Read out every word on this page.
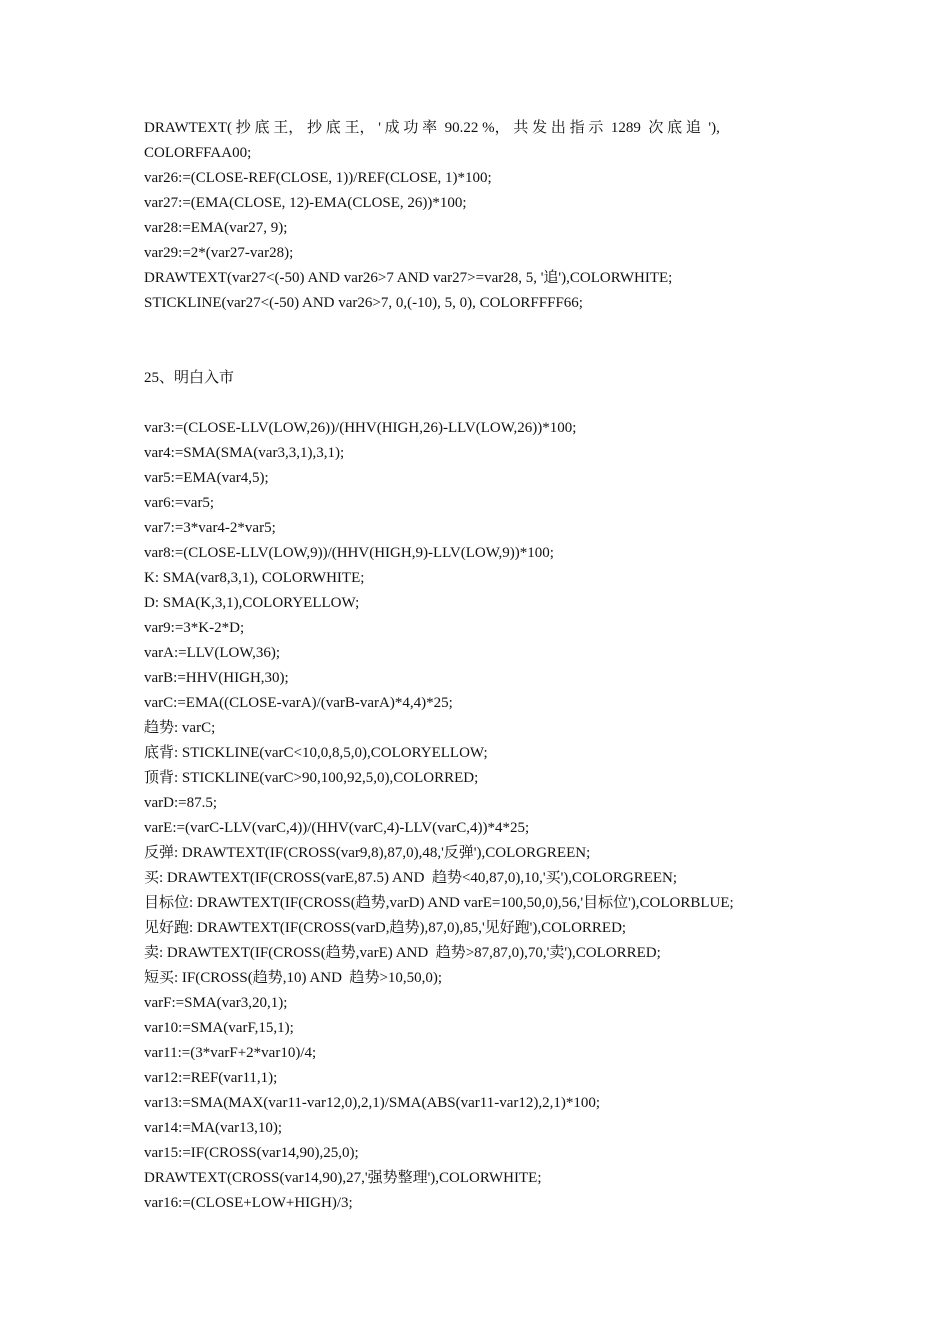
DRAWTEXT( 抄 底 王， 抄 底 王， ' 成 功 率  90.22 %， 共 发 出 指 示  1289  次 底 追  '),
COLORFFAA00;
var26:=(CLOSE-REF(CLOSE, 1))/REF(CLOSE, 1)*100;
var27:=(EMA(CLOSE, 12)-EMA(CLOSE, 26))*100;
var28:=EMA(var27, 9);
var29:=2*(var27-var28);
DRAWTEXT(var27<(-50) AND var26>7 AND var27>=var28, 5, '追'),COLORWHITE;
STICKLINE(var27<(-50) AND var26>7, 0,(-10), 5, 0), COLORFFFF66;
25、明白入市
var3:=(CLOSE-LLV(LOW,26))/(HHV(HIGH,26)-LLV(LOW,26))*100;
var4:=SMA(SMA(var3,3,1),3,1);
var5:=EMA(var4,5);
var6:=var5;
var7:=3*var4-2*var5;
var8:=(CLOSE-LLV(LOW,9))/(HHV(HIGH,9)-LLV(LOW,9))*100;
K: SMA(var8,3,1), COLORWHITE;
D: SMA(K,3,1),COLORYELLOW;
var9:=3*K-2*D;
varA:=LLV(LOW,36);
varB:=HHV(HIGH,30);
varC:=EMA((CLOSE-varA)/(varB-varA)*4,4)*25;
趋势: varC;
底背: STICKLINE(varC<10,0,8,5,0),COLORYELLOW;
顶背: STICKLINE(varC>90,100,92,5,0),COLORRED;
varD:=87.5;
varE:=(varC-LLV(varC,4))/(HHV(varC,4)-LLV(varC,4))*4*25;
反弹: DRAWTEXT(IF(CROSS(var9,8),87,0),48,'反弹'),COLORGREEN;
买: DRAWTEXT(IF(CROSS(varE,87.5) AND  趋势<40,87,0),10,'买'),COLORGREEN;
目标位: DRAWTEXT(IF(CROSS(趋势,varD) AND varE=100,50,0),56,'目标位'),COLORBLUE;
见好跑: DRAWTEXT(IF(CROSS(varD,趋势),87,0),85,'见好跑'),COLORRED;
卖: DRAWTEXT(IF(CROSS(趋势,varE) AND  趋势>87,87,0),70,'卖'),COLORRED;
短买: IF(CROSS(趋势,10) AND  趋势>10,50,0);
varF:=SMA(var3,20,1);
var10:=SMA(varF,15,1);
var11:=(3*varF+2*var10)/4;
var12:=REF(var11,1);
var13:=SMA(MAX(var11-var12,0),2,1)/SMA(ABS(var11-var12),2,1)*100;
var14:=MA(var13,10);
var15:=IF(CROSS(var14,90),25,0);
DRAWTEXT(CROSS(var14,90),27,'强势整理'),COLORWHITE;
var16:=(CLOSE+LOW+HIGH)/3;
